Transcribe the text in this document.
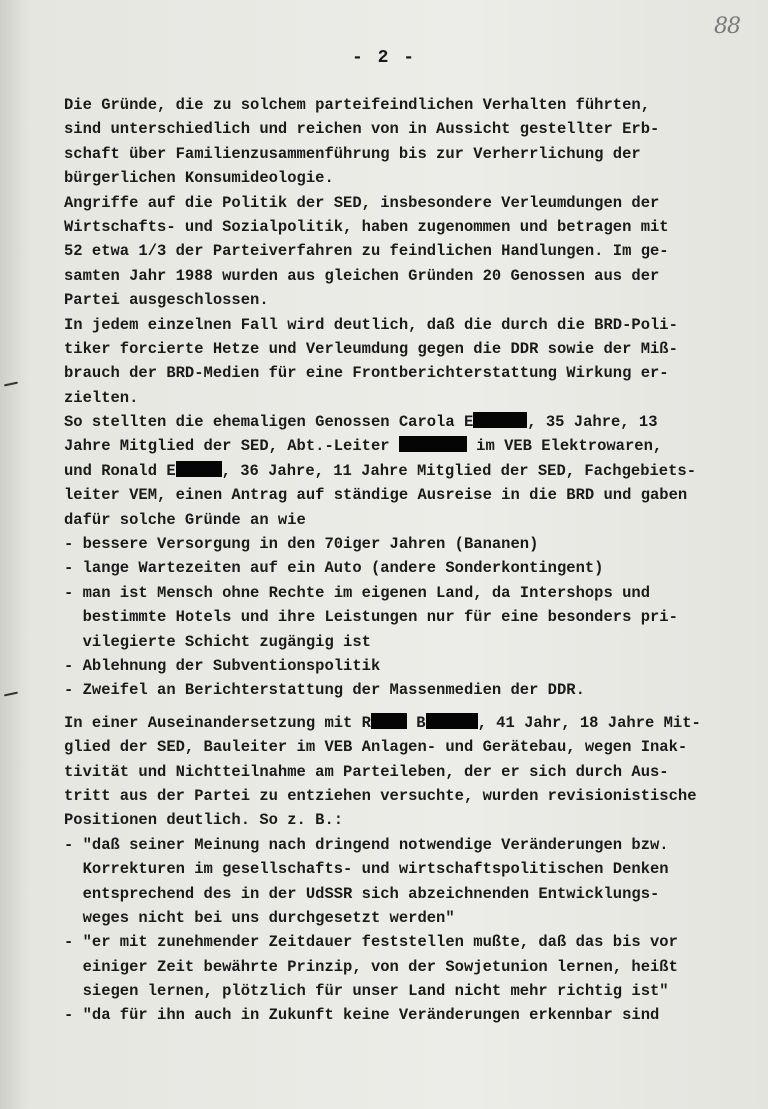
88
- 2 -
Die Gründe, die zu solchem parteifeindlichen Verhalten führten,
sind unterschiedlich und reichen von in Aussicht gestellter Erb-
schaft über Familienzusammenführung bis zur Verherrlichung der
bürgerlichen Konsumideologie.
Angriffe auf die Politik der SED, insbesondere Verleumdungen der
Wirtschafts- und Sozialpolitik, haben zugenommen und betragen mit
52 etwa 1/3 der Parteiverfahren zu feindlichen Handlungen. Im ge-
samten Jahr 1988 wurden aus gleichen Gründen 20 Genossen aus der
Partei ausgeschlossen.
In jedem einzelnen Fall wird deutlich, daß die durch die BRD-Poli-
tiker forcierte Hetze und Verleumdung gegen die DDR sowie der Miß-
brauch der BRD-Medien für eine Frontberichterstattung Wirkung er-
zielten.
So stellten die ehemaligen Genossen Carola E	, 35 Jahre, 13
Jahre Mitglied der SED, Abt.-Leiter	im VEB Elektrowaren,
und Ronald E	, 36 Jahre, 11 Jahre Mitglied der SED, Fachgebiets-
leiter VEM, einen Antrag auf ständige Ausreise in die BRD und gaben
dafür solche Gründe an wie
- bessere Versorgung in den 70iger Jahren (Bananen)
- lange Wartezeiten auf ein Auto (andere Sonderkontingent)
- man ist Mensch ohne Rechte im eigenen Land, da Intershops und
bestimmte Hotels und ihre Leistungen nur für eine besonders pri-
vilegierte Schicht zugängig ist
- Ablehnung der Subventionspolitik
- Zweifel an Berichterstattung der Massenmedien der DDR.
In einer Auseinandersetzung mit R B	, 41 Jahr, 18 Jahre Mit-
glied der SED, Bauleiter im VEB Anlagen- und Gerätebau, wegen Inak-
tivität und Nichtteilnahme am Parteileben, der er sich durch Aus-
tritt aus der Partei zu entziehen versuchte, wurden revisionistische
Positionen deutlich. So z. B.:
- "daß seiner Meinung nach dringend notwendige Veränderungen bzw.
Korrekturen im gesellschafts- und wirtschaftspolitischen Denken
entsprechend des in der UdSSR sich abzeichnenden Entwicklungs-
weges nicht bei uns durchgesetzt werden"
- "er mit zunehmender Zeitdauer feststellen mußte, daß das bis vor
einiger Zeit bewährte Prinzip, von der Sowjetunion lernen, heißt
siegen lernen, plötzlich für unser Land nicht mehr richtig ist"
- "da für ihn auch in Zukunft keine Veränderungen erkennbar sind
